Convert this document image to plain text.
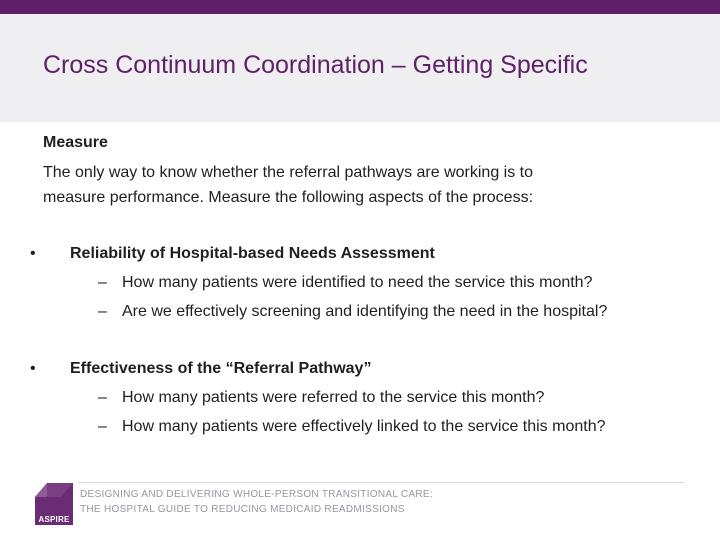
Cross Continuum Coordination – Getting Specific
Measure
The only way to know whether the referral pathways are working is to
measure performance. Measure the following aspects of the process:
• Reliability of Hospital-based Needs Assessment
– How many patients were identified to need the service this month?
– Are we effectively screening and identifying the need in the hospital?
• Effectiveness of the “Referral Pathway”
– How many patients were referred to the service this month?
– How many patients were effectively linked to the service this month?
ASPIRE
DESIGNING AND DELIVERING WHOLE-PERSON TRANSITIONAL CARE:
THE HOSPITAL GUIDE TO REDUCING MEDICAID READMISSIONS
